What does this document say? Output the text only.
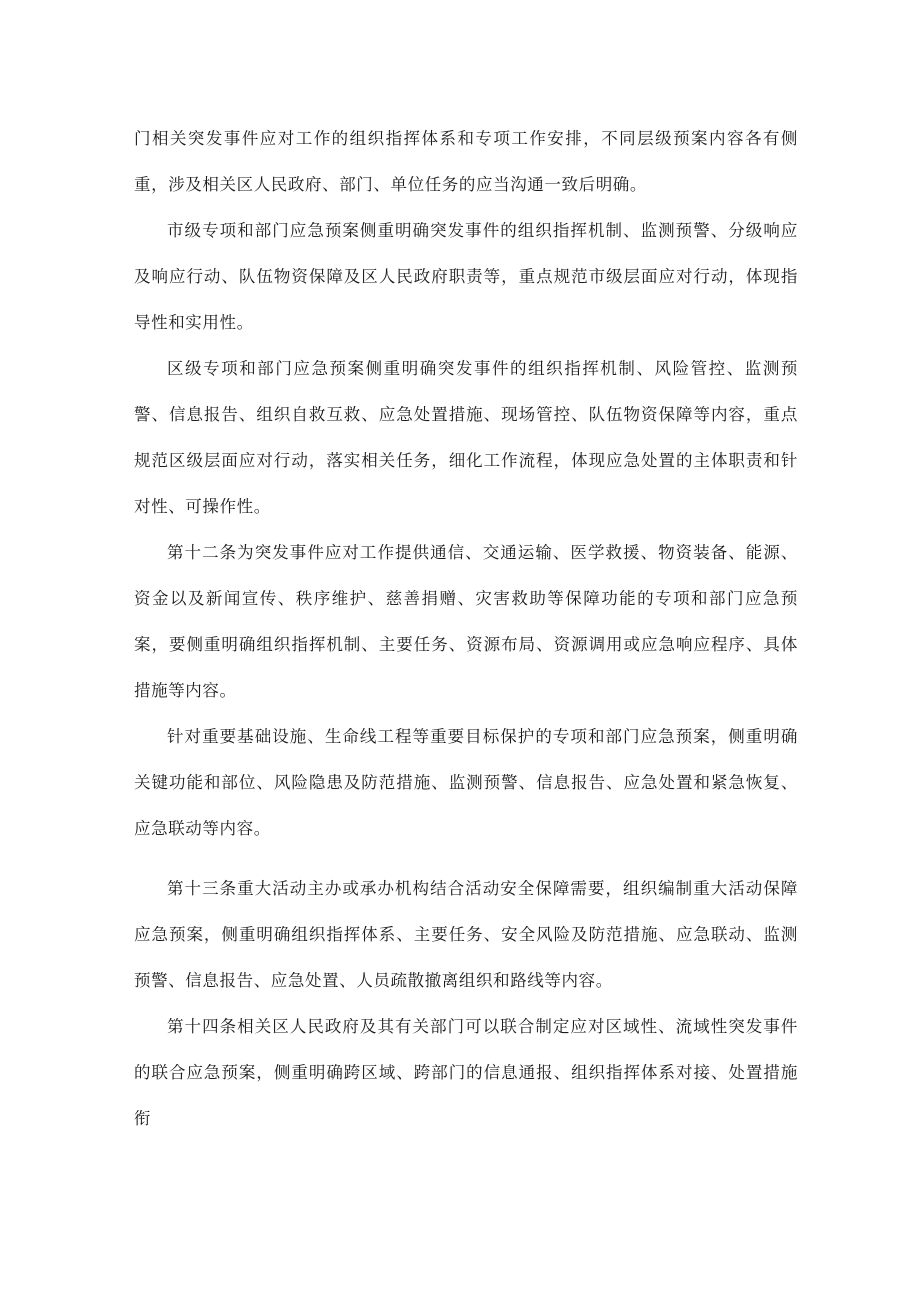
门相关突发事件应对工作的组织指挥体系和专项工作安排，不同层级预案内容各有侧重，涉及相关区人民政府、部门、单位任务的应当沟通一致后明确。

市级专项和部门应急预案侧重明确突发事件的组织指挥机制、监测预警、分级响应及响应行动、队伍物资保障及区人民政府职责等，重点规范市级层面应对行动，体现指导性和实用性。

区级专项和部门应急预案侧重明确突发事件的组织指挥机制、风险管控、监测预警、信息报告、组织自救互救、应急处置措施、现场管控、队伍物资保障等内容，重点规范区级层面应对行动，落实相关任务，细化工作流程，体现应急处置的主体职责和针对性、可操作性。

第十二条为突发事件应对工作提供通信、交通运输、医学救援、物资装备、能源、资金以及新闻宣传、秩序维护、慈善捐赠、灾害救助等保障功能的专项和部门应急预案，要侧重明确组织指挥机制、主要任务、资源布局、资源调用或应急响应程序、具体措施等内容。

针对重要基础设施、生命线工程等重要目标保护的专项和部门应急预案，侧重明确关键功能和部位、风险隐患及防范措施、监测预警、信息报告、应急处置和紧急恢复、应急联动等内容。

第十三条重大活动主办或承办机构结合活动安全保障需要，组织编制重大活动保障应急预案，侧重明确组织指挥体系、主要任务、安全风险及防范措施、应急联动、监测预警、信息报告、应急处置、人员疏散撤离组织和路线等内容。

第十四条相关区人民政府及其有关部门可以联合制定应对区域性、流域性突发事件的联合应急预案，侧重明确跨区域、跨部门的信息通报、组织指挥体系对接、处置措施衔
